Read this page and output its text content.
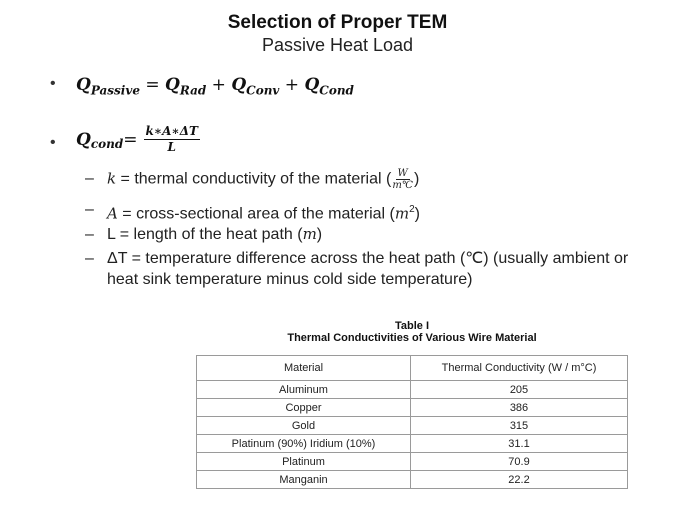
Selection of Proper TEM
Passive Heat Load
• $Q_{Passive} = Q_{Rad} + Q_{Conv} + Q_{Cond}$
• $Q_{cond} = \frac{k∗A∗\Delta T}{L}$
– k = thermal conductivity of the material ( $\frac{W}{m℃}$ )
– A = cross-sectional area of the material $(m^2)$
– L = length of the heat path (m)
– ΔT = temperature difference across the heat path (℃) (usually ambient or heat sink temperature minus cold side temperature)
Table I
Thermal Conductivities of Various Wire Material
Material	Thermal Conductivity (W / m°C)
Aluminum	205
Copper	386
Gold	315
Platinum (90%) Iridium (10%)	31.1
Platinum	70.9
Manganin	22.2
